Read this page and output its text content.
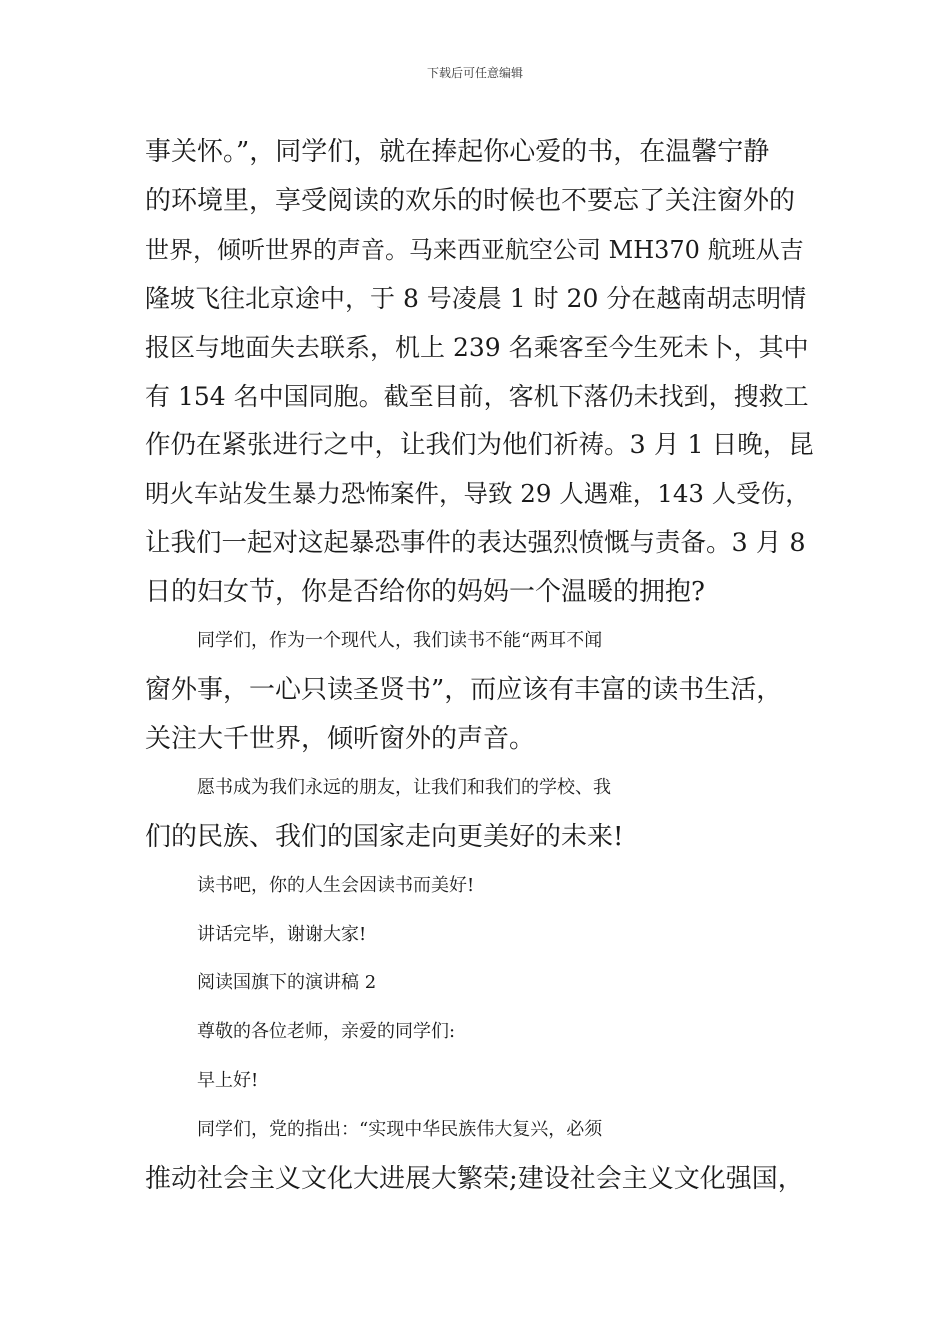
下载后可任意编辑

事关怀。”，同学们，就在捧起你心爱的书，在温馨宁静

的环境里，享受阅读的欢乐的时候也不要忘了关注窗外的

世界，倾听世界的声音。马来西亚航空公司 MH370 航班从吉

隆坡飞往北京途中，于 8 号凌晨 1 时 20 分在越南胡志明情

报区与地面失去联系，机上 239 名乘客至今生死未卜，其中

有 154 名中国同胞。截至目前，客机下落仍未找到，搜救工

作仍在紧张进行之中，让我们为他们祈祷。3 月 1 日晚，昆

明火车站发生暴力恐怖案件，导致 29 人遇难，143 人受伤，

让我们一起对这起暴恐事件的表达强烈愤慨与责备。3 月 8

日的妇女节，你是否给你的妈妈一个温暖的拥抱?

同学们，作为一个现代人，我们读书不能“两耳不闻

窗外事，一心只读圣贤书”，而应该有丰富的读书生活，

关注大千世界，倾听窗外的声音。

愿书成为我们永远的朋友，让我们和我们的学校、我

们的民族、我们的国家走向更美好的未来!

读书吧，你的人生会因读书而美好!

讲话完毕，谢谢大家!

阅读国旗下的演讲稿 2

尊敬的各位老师，亲爱的同学们:

早上好!

同学们，党的指出：“实现中华民族伟大复兴，必须

推动社会主义文化大进展大繁荣;建设社会主义文化强国，
